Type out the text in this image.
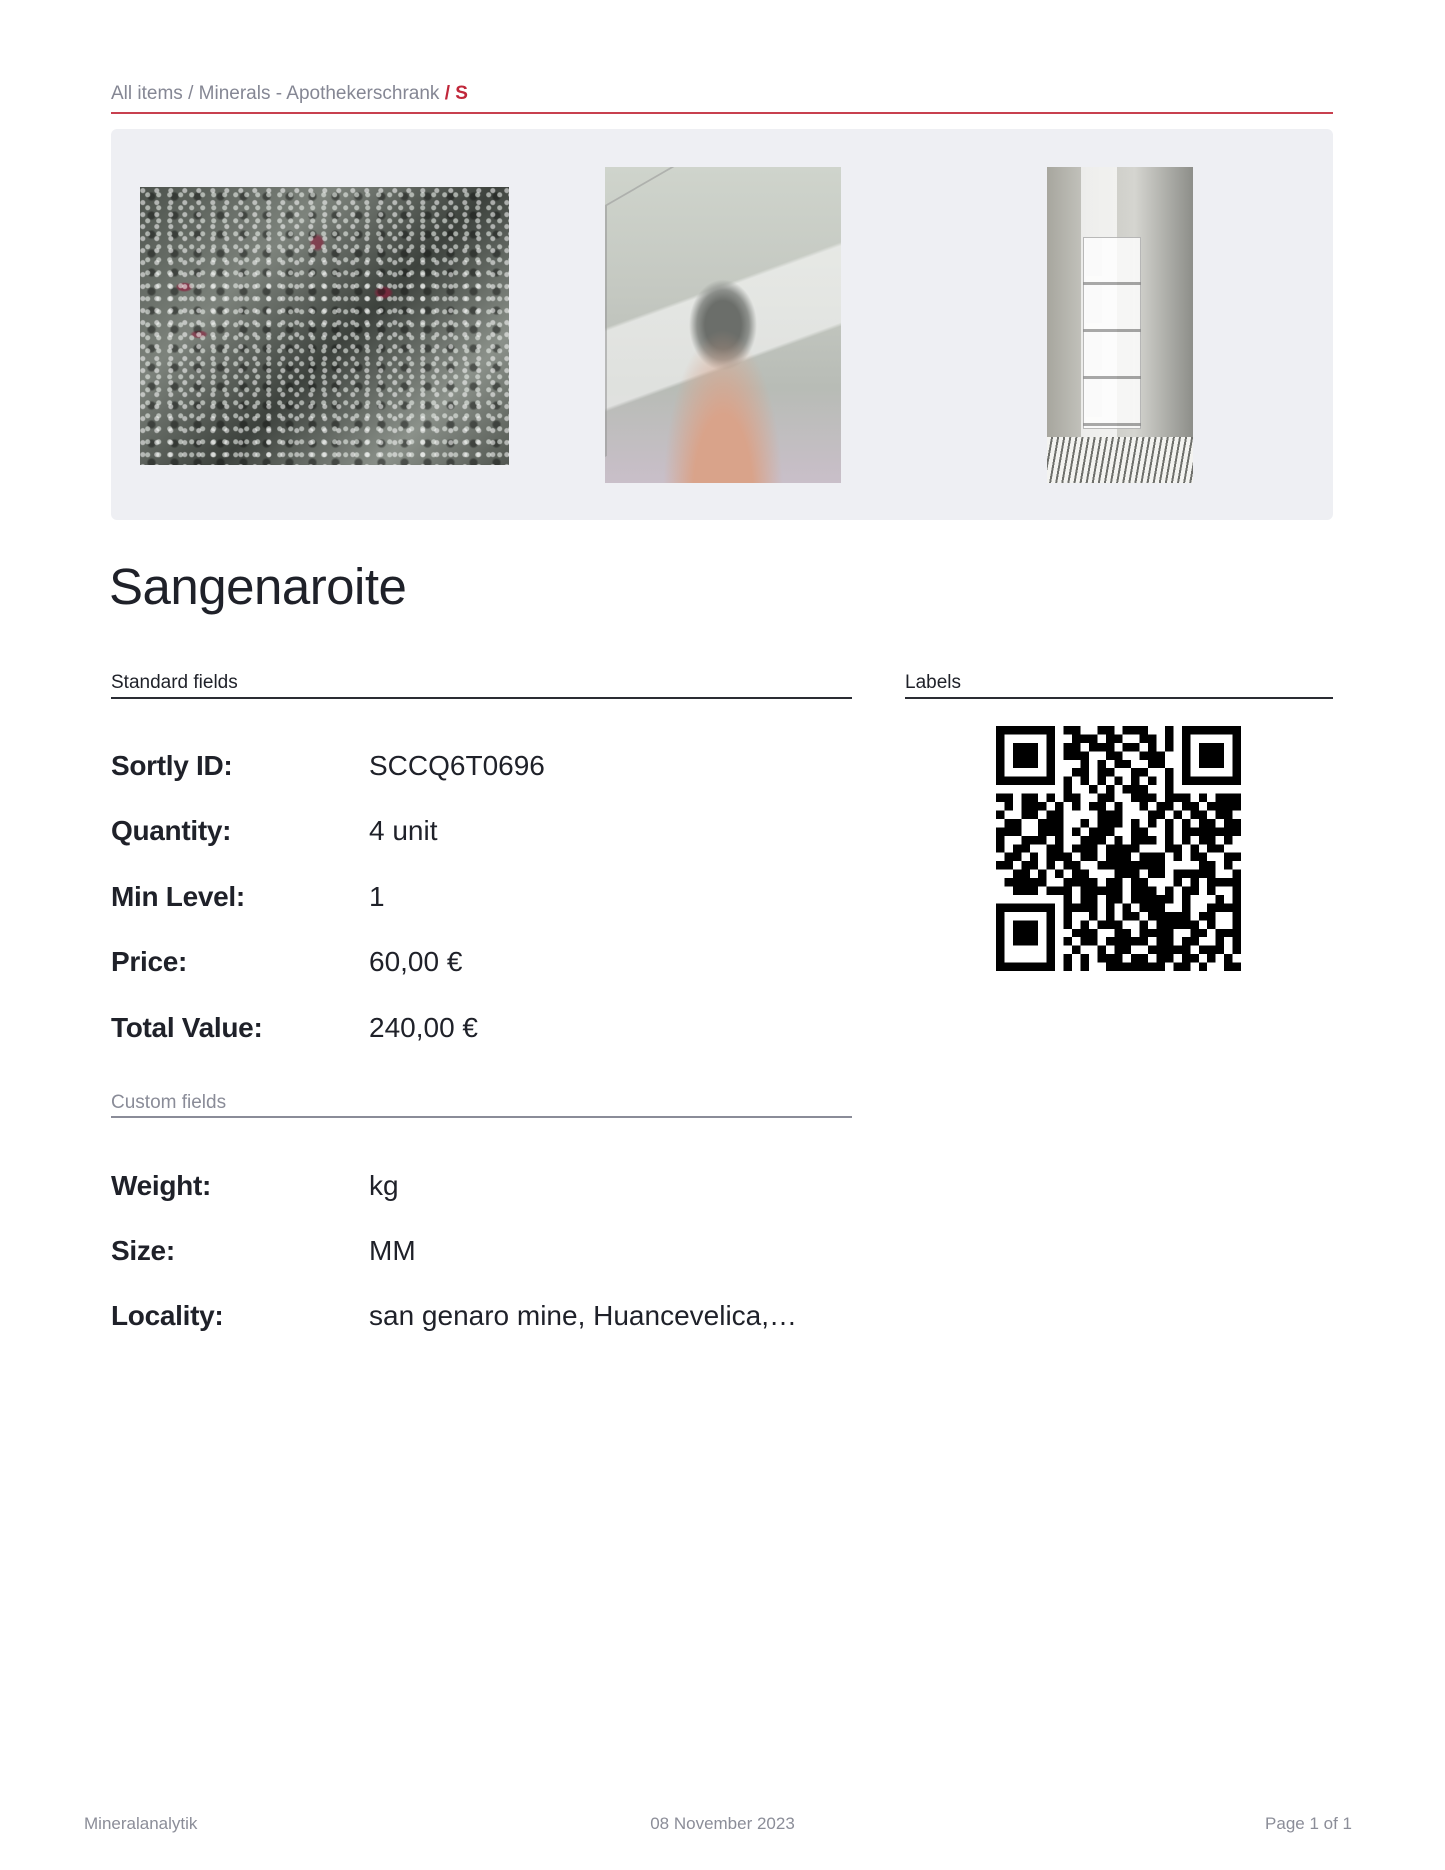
All items / Minerals - Apothekerschrank / S
Sangenaroite
Standard fields
Sortly ID:	SCCQ6T0696
Quantity:	4 unit
Min Level:	1
Price:	60,00 €
Total Value:	240,00 €
Custom fields
Weight:	kg
Size:	MM
Locality:	san genaro mine, Huancevelica,…
Labels
Mineralanalytik	08 November 2023	Page 1 of 1
